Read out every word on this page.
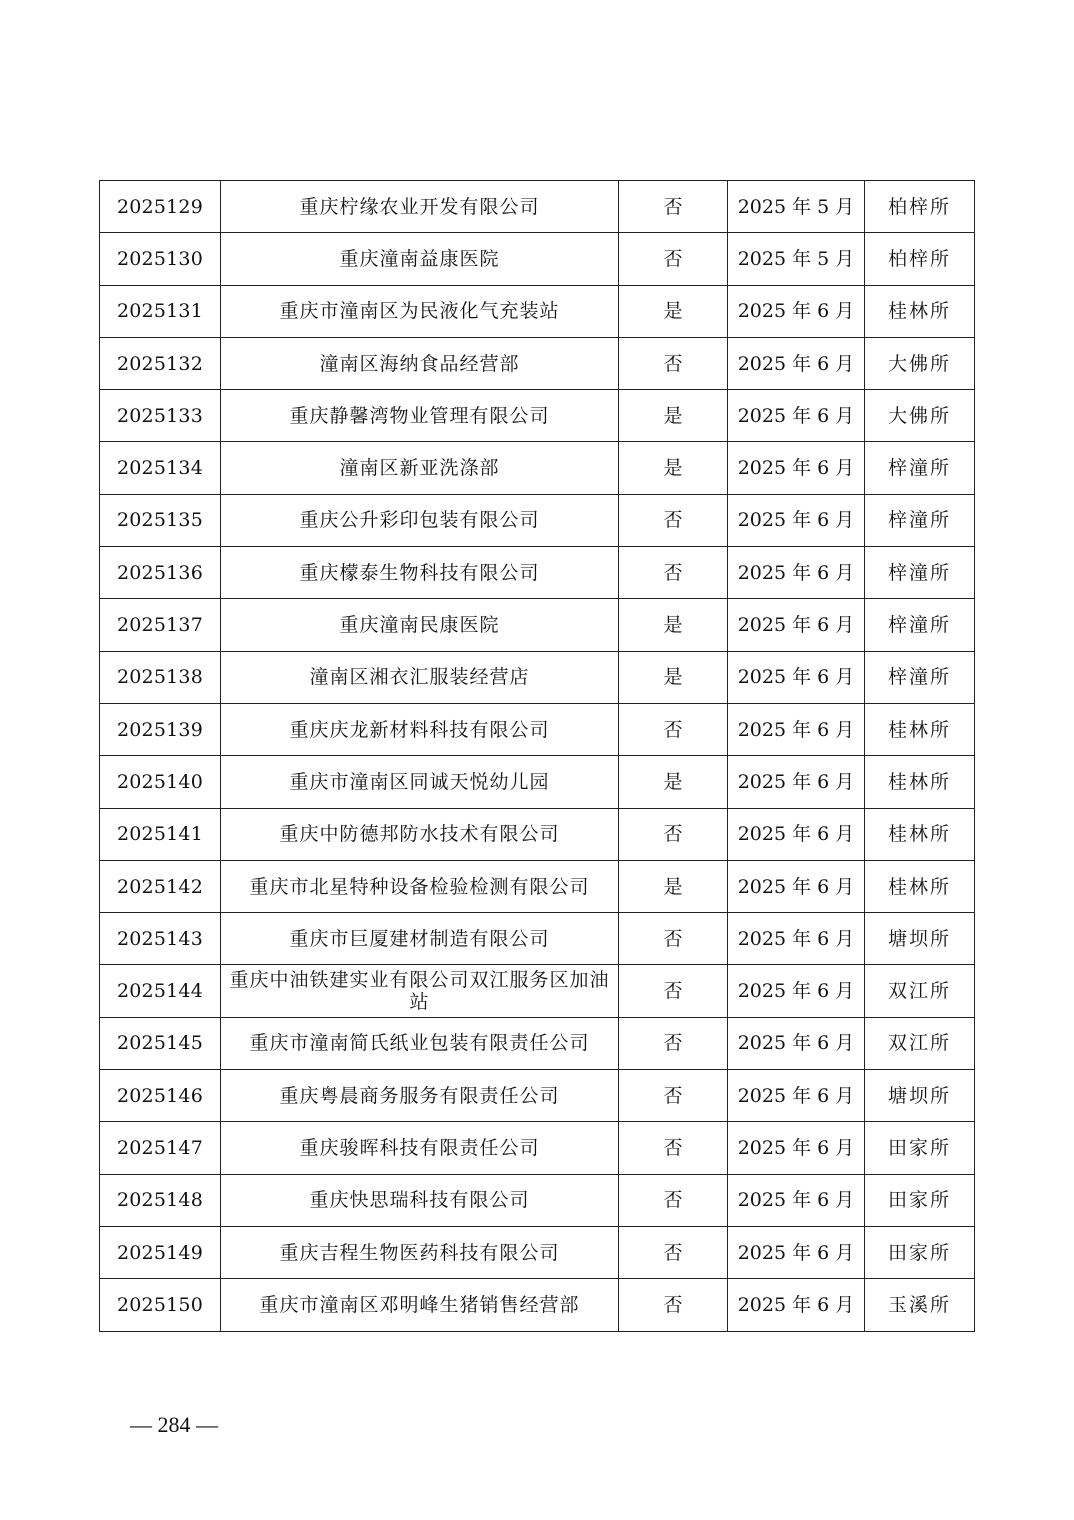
2025129	重庆柠缘农业开发有限公司	否	2025 年 5 月	柏梓所
2025130	重庆潼南益康医院	否	2025 年 5 月	柏梓所
2025131	重庆市潼南区为民液化气充装站	是	2025 年 6 月	桂林所
2025132	潼南区海纳食品经营部	否	2025 年 6 月	大佛所
2025133	重庆静馨湾物业管理有限公司	是	2025 年 6 月	大佛所
2025134	潼南区新亚洗涤部	是	2025 年 6 月	梓潼所
2025135	重庆公升彩印包装有限公司	否	2025 年 6 月	梓潼所
2025136	重庆檬泰生物科技有限公司	否	2025 年 6 月	梓潼所
2025137	重庆潼南民康医院	是	2025 年 6 月	梓潼所
2025138	潼南区湘衣汇服装经营店	是	2025 年 6 月	梓潼所
2025139	重庆庆龙新材料科技有限公司	否	2025 年 6 月	桂林所
2025140	重庆市潼南区同诚天悦幼儿园	是	2025 年 6 月	桂林所
2025141	重庆中防德邦防水技术有限公司	否	2025 年 6 月	桂林所
2025142	重庆市北星特种设备检验检测有限公司	是	2025 年 6 月	桂林所
2025143	重庆市巨厦建材制造有限公司	否	2025 年 6 月	塘坝所
2025144	重庆中油铁建实业有限公司双江服务区加油站	否	2025 年 6 月	双江所
2025145	重庆市潼南简氏纸业包装有限责任公司	否	2025 年 6 月	双江所
2025146	重庆粤晨商务服务有限责任公司	否	2025 年 6 月	塘坝所
2025147	重庆骏晖科技有限责任公司	否	2025 年 6 月	田家所
2025148	重庆快思瑞科技有限公司	否	2025 年 6 月	田家所
2025149	重庆吉程生物医药科技有限公司	否	2025 年 6 月	田家所
2025150	重庆市潼南区邓明峰生猪销售经营部	否	2025 年 6 月	玉溪所
— 284 —
